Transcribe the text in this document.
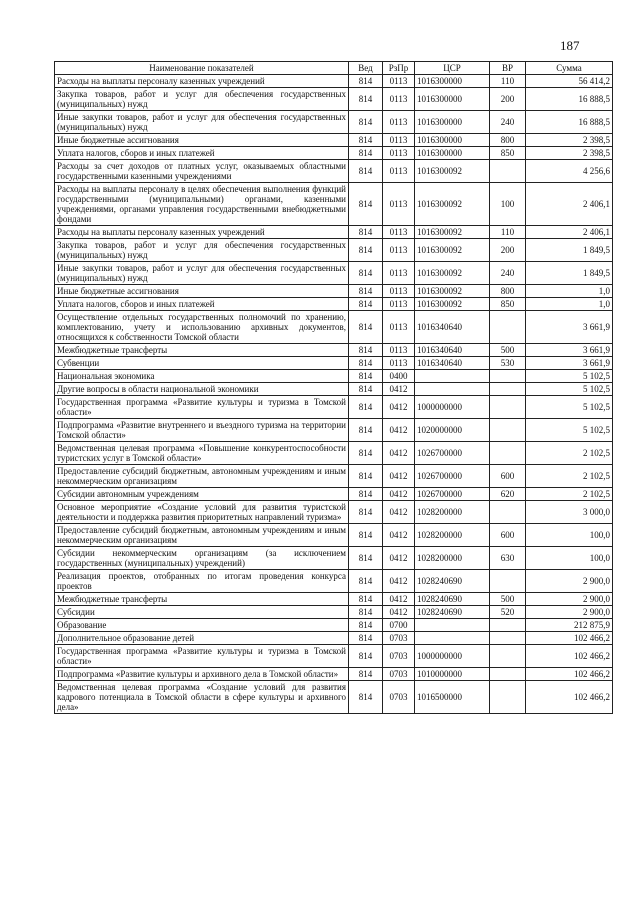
187
Наименование показателей	Вед	РзПр	ЦСР	ВР	Сумма
Расходы на выплаты персоналу казенных учреждений	814	0113	1016300000	110	56 414,2
Закупка товаров, работ и услуг для обеспечения государственных (муниципальных) нужд	814	0113	1016300000	200	16 888,5
Иные закупки товаров, работ и услуг для обеспечения государственных (муниципальных) нужд	814	0113	1016300000	240	16 888,5
Иные бюджетные ассигнования	814	0113	1016300000	800	2 398,5
Уплата налогов, сборов и иных платежей	814	0113	1016300000	850	2 398,5
Расходы за счет доходов от платных услуг, оказываемых областными государственными казенными учреждениями	814	0113	1016300092		4 256,6
Расходы на выплаты персоналу в целях обеспечения выполнения функций государственными (муниципальными) органами, казенными учреждениями, органами управления государственными внебюджетными фондами	814	0113	1016300092	100	2 406,1
Расходы на выплаты персоналу казенных учреждений	814	0113	1016300092	110	2 406,1
Закупка товаров, работ и услуг для обеспечения государственных (муниципальных) нужд	814	0113	1016300092	200	1 849,5
Иные закупки товаров, работ и услуг для обеспечения государственных (муниципальных) нужд	814	0113	1016300092	240	1 849,5
Иные бюджетные ассигнования	814	0113	1016300092	800	1,0
Уплата налогов, сборов и иных платежей	814	0113	1016300092	850	1,0
Осуществление отдельных государственных полномочий по хранению, комплектованию, учету и использованию архивных документов, относящихся к собственности Томской области	814	0113	1016340640		3 661,9
Межбюджетные трансферты	814	0113	1016340640	500	3 661,9
Субвенции	814	0113	1016340640	530	3 661,9
Национальная экономика	814	0400			5 102,5
Другие вопросы в области национальной экономики	814	0412			5 102,5
Государственная программа «Развитие культуры и туризма в Томской области»	814	0412	1000000000		5 102,5
Подпрограмма «Развитие внутреннего и въездного туризма на территории Томской области»	814	0412	1020000000		5 102,5
Ведомственная целевая программа «Повышение конкурентоспособности туристских услуг в Томской области»	814	0412	1026700000		2 102,5
Предоставление субсидий бюджетным, автономным учреждениям и иным некоммерческим организациям	814	0412	1026700000	600	2 102,5
Субсидии автономным учреждениям	814	0412	1026700000	620	2 102,5
Основное мероприятие «Создание условий для развития туристской деятельности и поддержка развития приоритетных направлений туризма»	814	0412	1028200000		3 000,0
Предоставление субсидий бюджетным, автономным учреждениям и иным некоммерческим организациям	814	0412	1028200000	600	100,0
Субсидии некоммерческим организациям (за исключением государственных (муниципальных) учреждений)	814	0412	1028200000	630	100,0
Реализация проектов, отобранных по итогам проведения конкурса проектов	814	0412	1028240690		2 900,0
Межбюджетные трансферты	814	0412	1028240690	500	2 900,0
Субсидии	814	0412	1028240690	520	2 900,0
Образование	814	0700			212 875,9
Дополнительное образование детей	814	0703			102 466,2
Государственная программа «Развитие культуры и туризма в Томской области»	814	0703	1000000000		102 466,2
Подпрограмма «Развитие культуры и архивного дела в Томской области»	814	0703	1010000000		102 466,2
Ведомственная целевая программа «Создание условий для развития кадрового потенциала в Томской области в сфере культуры и архивного дела»	814	0703	1016500000		102 466,2
